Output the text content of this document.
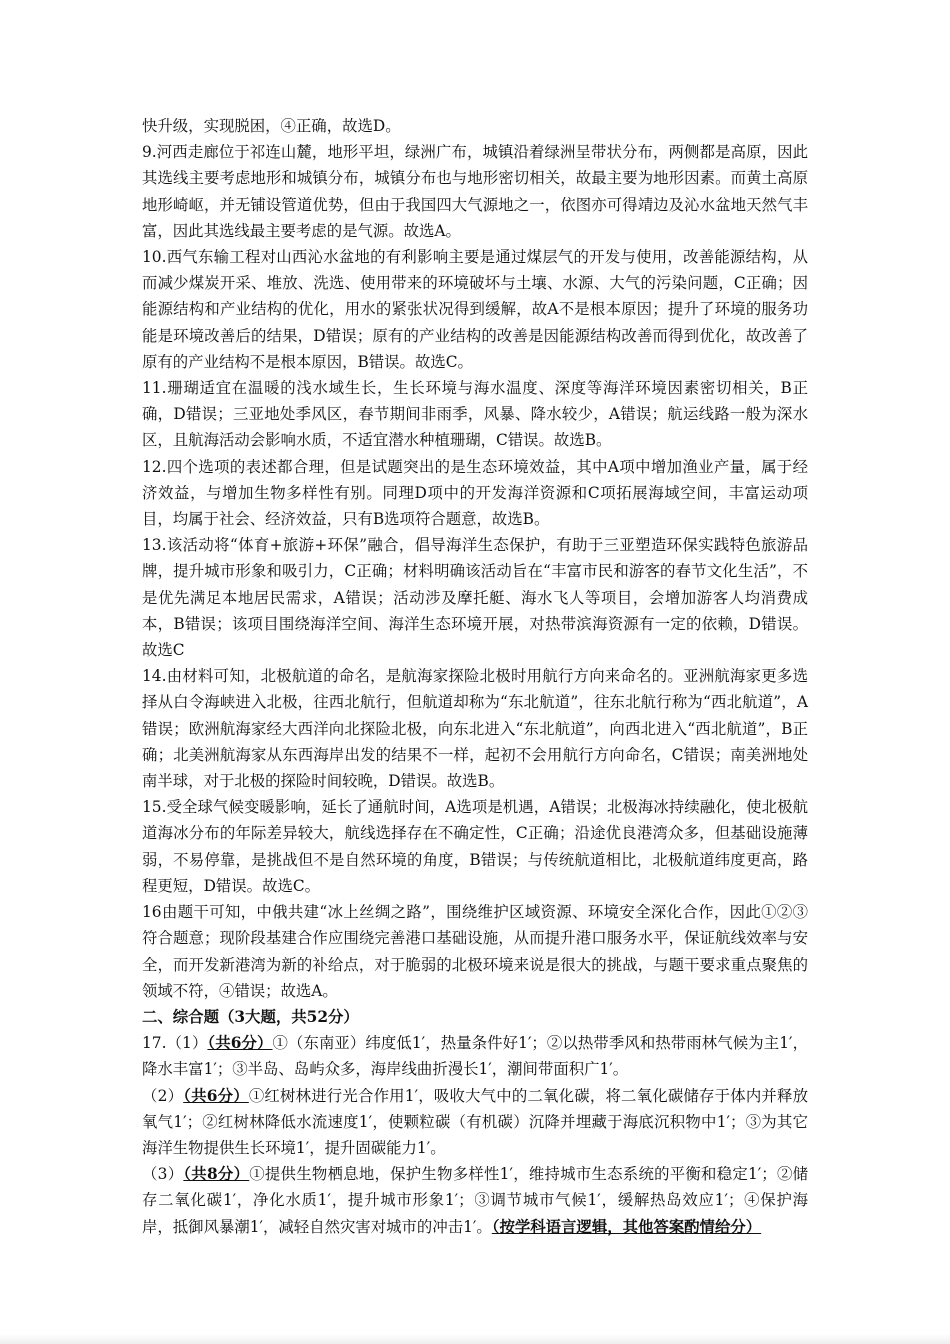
快升级，实现脱困，④正确，故选D。

9.河西走廊位于祁连山麓，地形平坦，绿洲广布，城镇沿着绿洲呈带状分布，两侧都是高原，因此其选线主要考虑地形和城镇分布，城镇分布也与地形密切相关，故最主要为地形因素。而黄土高原地形崎岖，并无铺设管道优势，但由于我国四大气源地之一，依图亦可得靖边及沁水盆地天然气丰富，因此其选线最主要考虑的是气源。故选A。

10.西气东输工程对山西沁水盆地的有利影响主要是通过煤层气的开发与使用，改善能源结构，从而减少煤炭开采、堆放、洗选、使用带来的环境破坏与土壤、水源、大气的污染问题，C正确；因能源结构和产业结构的优化，用水的紧张状况得到缓解，故A不是根本原因；提升了环境的服务功能是环境改善后的结果，D错误；原有的产业结构的改善是因能源结构改善而得到优化，故改善了原有的产业结构不是根本原因，B错误。故选C。

11.珊瑚适宜在温暖的浅水域生长，生长环境与海水温度、深度等海洋环境因素密切相关，B正确，D错误；三亚地处季风区，春节期间非雨季，风暴、降水较少，A错误；航运线路一般为深水区，且航海活动会影响水质，不适宜潜水种植珊瑚，C错误。故选B。

12.四个选项的表述都合理，但是试题突出的是生态环境效益，其中A项中增加渔业产量，属于经济效益，与增加生物多样性有别。同理D项中的开发海洋资源和C项拓展海域空间，丰富运动项目，均属于社会、经济效益，只有B选项符合题意，故选B。

13.该活动将“体育+旅游+环保”融合，倡导海洋生态保护，有助于三亚塑造环保实践特色旅游品牌，提升城市形象和吸引力，C正确；材料明确该活动旨在“丰富市民和游客的春节文化生活”，不是优先满足本地居民需求，A错误；活动涉及摩托艇、海水飞人等项目，会增加游客人均消费成本，B错误；该项目围绕海洋空间、海洋生态环境开展，对热带滨海资源有一定的依赖，D错误。故选C

14.由材料可知，北极航道的命名，是航海家探险北极时用航行方向来命名的。亚洲航海家更多选择从白令海峡进入北极，往西北航行，但航道却称为“东北航道”，往东北航行称为“西北航道”，A错误；欧洲航海家经大西洋向北探险北极，向东北进入“东北航道”，向西北进入“西北航道”，B正确；北美洲航海家从东西海岸出发的结果不一样，起初不会用航行方向命名，C错误；南美洲地处南半球，对于北极的探险时间较晚，D错误。故选B。

15.受全球气候变暖影响，延长了通航时间，A选项是机遇，A错误；北极海冰持续融化，使北极航道海冰分布的年际差异较大，航线选择存在不确定性，C正确；沿途优良港湾众多，但基础设施薄弱，不易停靠，是挑战但不是自然环境的角度，B错误；与传统航道相比，北极航道纬度更高，路程更短，D错误。故选C。

16由题干可知，中俄共建“冰上丝绸之路”，围绕维护区域资源、环境安全深化合作，因此①②③符合题意；现阶段基建合作应围绕完善港口基础设施，从而提升港口服务水平，保证航线效率与安全，而开发新港湾为新的补给点，对于脆弱的北极环境来说是很大的挑战，与题干要求重点聚焦的领域不符，④错误；故选A。

二、综合题（3大题，共52分）

17.（1）（共6分）①（东南亚）纬度低1′，热量条件好1′；②以热带季风和热带雨林气候为主1′，降水丰富1′；③半岛、岛屿众多，海岸线曲折漫长1′，潮间带面积广1′。

（2）（共6分）①红树林进行光合作用1′，吸收大气中的二氧化碳，将二氧化碳储存于体内并释放氧气1′；②红树林降低水流速度1′，使颗粒碳（有机碳）沉降并埋藏于海底沉积物中1′；③为其它海洋生物提供生长环境1′，提升固碳能力1′。

（3）（共8分）①提供生物栖息地，保护生物多样性1′，维持城市生态系统的平衡和稳定1′；②储存二氧化碳1′，净化水质1′，提升城市形象1′；③调节城市气候1′，缓解热岛效应1′；④保护海岸，抵御风暴潮1′，减轻自然灾害对城市的冲击1′。（按学科语言逻辑，其他答案酌情给分）
